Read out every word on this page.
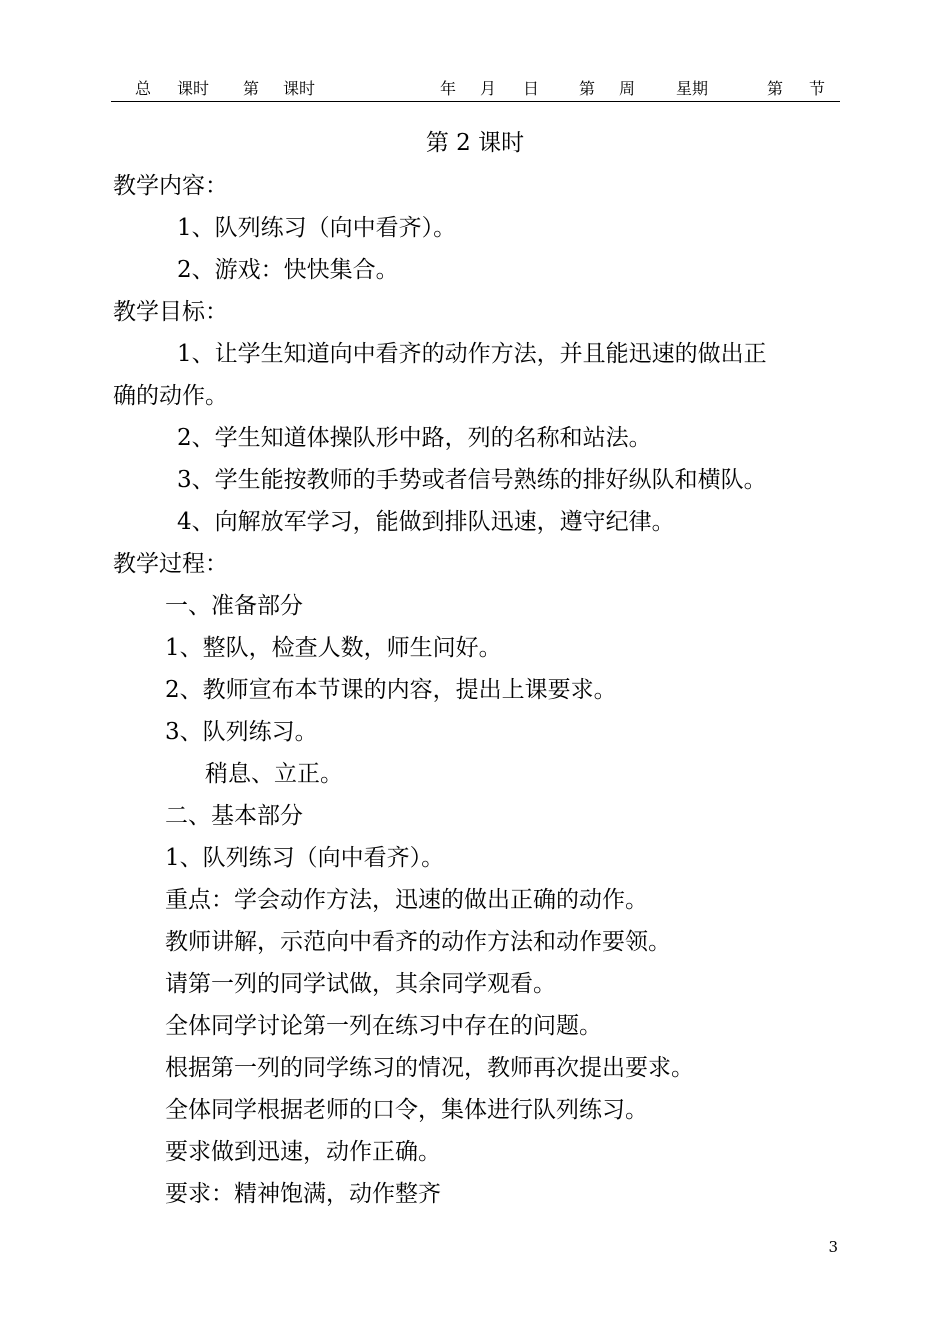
总 课时 第 课时	年 月 日 第 周	星期	第 节
第 2 课时
教学内容：
1、队列练习（向中看齐）。
2、游戏：快快集合。
教学目标：
1、让学生知道向中看齐的动作方法，并且能迅速的做出正
确的动作。
2、学生知道体操队形中路，列的名称和站法。
3、学生能按教师的手势或者信号熟练的排好纵队和横队。
4、向解放军学习，能做到排队迅速，遵守纪律。
教学过程：
一、准备部分
1、整队，检查人数，师生问好。
2、教师宣布本节课的内容，提出上课要求。
3、队列练习。
稍息、立正。
二、基本部分
1、队列练习（向中看齐）。
重点：学会动作方法，迅速的做出正确的动作。
教师讲解，示范向中看齐的动作方法和动作要领。
请第一列的同学试做，其余同学观看。
全体同学讨论第一列在练习中存在的问题。
根据第一列的同学练习的情况，教师再次提出要求。
全体同学根据老师的口令，集体进行队列练习。
要求做到迅速，动作正确。
要求：精神饱满，动作整齐
3
